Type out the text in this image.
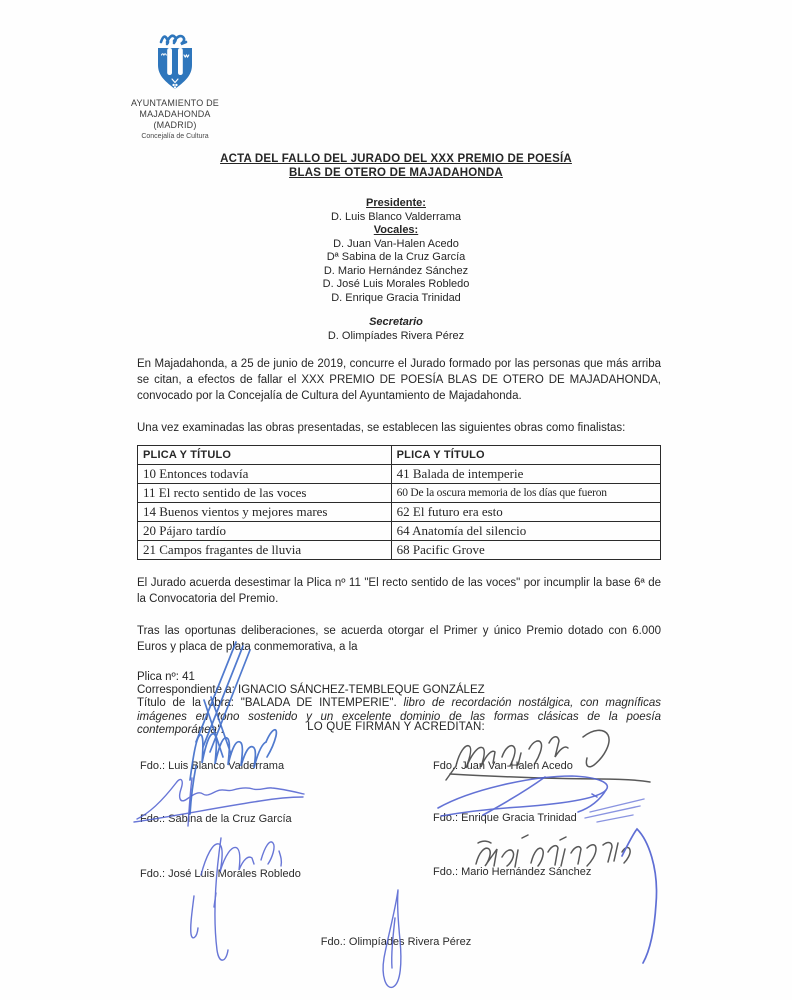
AYUNTAMIENTO DE
MAJADAHONDA
(MADRID)
Concejalía de Cultura
ACTA DEL FALLO DEL JURADO DEL XXX PREMIO DE POESÍA
BLAS DE OTERO DE MAJADAHONDA
Presidente:
D. Luis Blanco Valderrama
Vocales:
D. Juan Van-Halen Acedo
Dª Sabina de la Cruz García
D. Mario Hernández Sánchez
D. José Luis Morales Robledo
D. Enrique Gracia Trinidad
Secretario
D. Olimpíades Rivera Pérez

En Majadahonda, a 25 de junio de 2019, concurre el Jurado formado por las personas que más arriba se citan, a efectos de fallar el XXX PREMIO DE POESÍA BLAS DE OTERO DE MAJADAHONDA, convocado por la Concejalía de Cultura del Ayuntamiento de Majadahonda.

Una vez examinadas las obras presentadas, se establecen las siguientes obras como finalistas:

PLICA Y TÍTULO	PLICA Y TÍTULO
10 Entonces todavía	41 Balada de intemperie
11 El recto sentido de las voces	60 De la oscura memoria de los días que fueron
14 Buenos vientos y mejores mares	62 El futuro era esto
20 Pájaro tardío	64 Anatomía del silencio
21 Campos fragantes de lluvia	68 Pacific Grove

El Jurado acuerda desestimar la Plica nº 11 "El recto sentido de las voces" por incumplir la base 6ª de la Convocatoria del Premio.

Tras las oportunas deliberaciones, se acuerda otorgar el Primer y único Premio dotado con 6.000 Euros y placa de plata conmemorativa, a la

Plica nº: 41
Correspondiente a: IGNACIO SÁNCHEZ-TEMBLEQUE GONZÁLEZ
Título de la obra: "BALADA DE INTEMPERIE". libro de recordación nostálgica, con magníficas imágenes en tono sostenido y un excelente dominio de las formas clásicas de la poesía contemporánea".	LO QUE FIRMAN Y ACREDITAN:
Fdo.: Luis Blanco Valderrama	Fdo.: Juan Van-Halen Acedo
Fdo.: Sabina de la Cruz García	Fdo.: Enrique Gracia Trinidad
Fdo.: José Luis Morales Robledo	Fdo.: Mario Hernández Sánchez
Fdo.: Olimpíades Rivera Pérez
